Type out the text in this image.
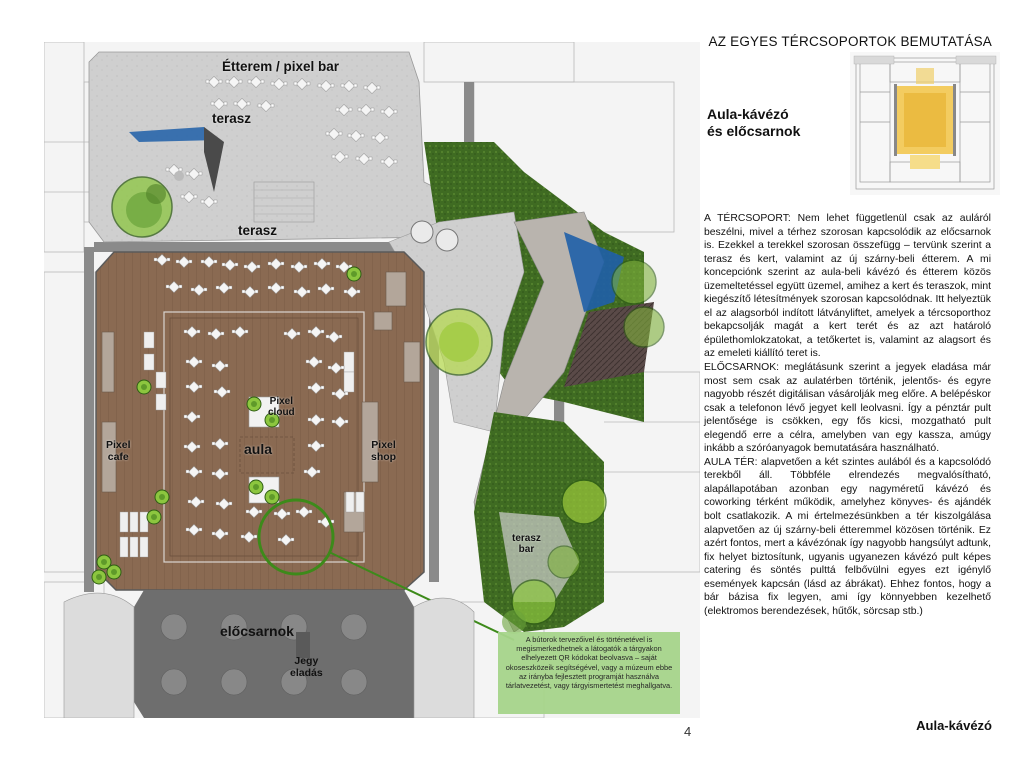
AZ EGYES TÉRCSOPORTOK BEMUTATÁSA
Étterem / pixel bar
terasz
terasz
Pixel
cloud
Pixel
cafe	aula	Pixel
shop
terasz
bar
előcsarnok
Jegy
eladás
A bútorok tervezőivel és történetével is megismerkedhetnek a látogatók a tárgyakon elhelyezett QR kódokat beolvasva – saját okoseszközeik segítségével, vagy a múzeum ebbe az irányba fejlesztett programját használva tárlatvezetést, vagy tárgyismertetést meghallgatva.
Aula-kávézó
és előcsarnok

A TÉRCSOPORT: Nem lehet függetlenül csak az auláról beszélni, mivel a térhez szorosan kapcsolódik az előcsarnok is. Ezekkel a terekkel szorosan összefügg – tervünk szerint a terasz és kert, valamint az új szárny-beli étterem. A mi koncepciónk szerint az aula-beli kávézó és étterem közös üzemeltetéssel együtt üzemel, amihez a kert és teraszok, mint kiegészítő létesítmények szorosan kapcsolódnak. Itt helyeztük el az alagsorból indított látványliftet, amelyek a tércsoporthoz bekapcsolják magát a kert terét és az azt határoló épülethomlokzatokat, a tetőkertet is, valamint az alagsort és az emeleti kiállító teret is.

ELŐCSARNOK: meglátásunk szerint a jegyek eladása már most sem csak az aulatérben történik, jelentős- és egyre nagyobb részét digitálisan vásárolják meg előre. A belépéskor csak a telefonon lévő jegyet kell leolvasni. Így a pénztár pult jelentősége is csökken, egy fős kicsi, mozgatható pult elegendő erre a célra, amelyben van egy kassza, amúgy inkább a szóróanyagok bemutatására használható.

AULA TÉR: alapvetően a két szintes aulából és a kapcsolódó terekből áll. Többféle elrendezés megvalósítható, alapállapotában azonban egy nagyméretű kávézó és coworking térként működik, amelyhez könyves- és ajándék bolt csatlakozik. A mi értelmezésünkben a tér kiszolgálása alapvetően az új szárny-beli étteremmel közösen történik. Ez azért fontos, mert a kávézónak így nagyobb hangsúlyt adtunk, fix helyet biztosítunk, ugyanis ugyanezen kávézó pult képes catering és söntés pulttá felbővülni egyes ezt igénylő események kapcsán (lásd az ábrákat). Ehhez fontos, hogy a bár bázisa fix legyen, ami így könnyebben kezelhető (elektromos berendezések, hűtők, sörcsap stb.)

4	Aula-kávézó
